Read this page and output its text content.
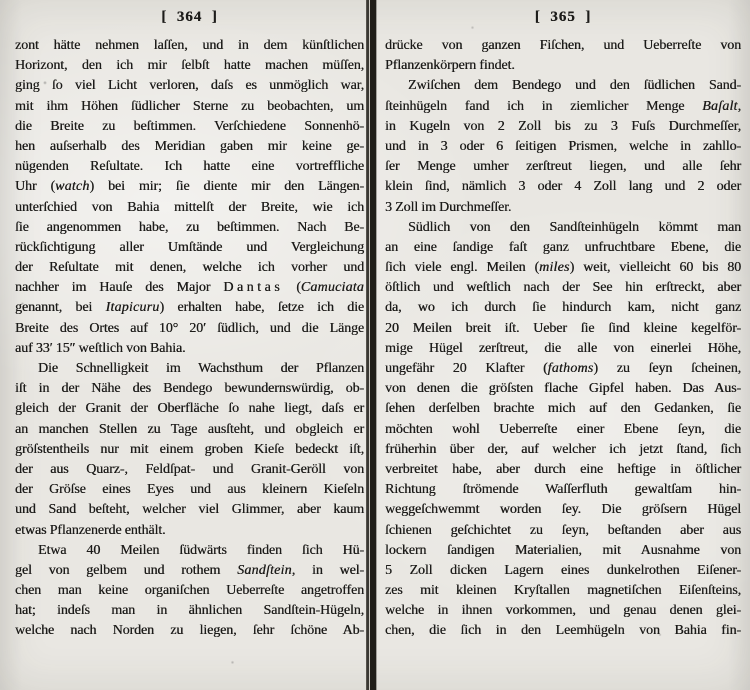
[  364  ]
zont hätte nehmen laſſen, und in dem künſtlichen
Horizont, den ich mir ſelbſt hatte machen müſſen,
ging ſo viel Licht verloren, daſs es unmöglich war,
mit ihm Höhen ſüdlicher Sterne zu beobachten, um
die Breite zu beſtimmen. Verſchiedene Sonnenhö-
hen auſserhalb des Meridian gaben mir keine ge-
nügenden Reſultate. Ich hatte eine vortreffliche
Uhr (watch) bei mir; ſie diente mir den Längen-
unterſchied von Bahia mittelſt der Breite, wie ich
ſie angenommen habe, zu beſtimmen. Nach Be-
rückſichtigung aller Umſtände und Vergleichung
der Reſultate mit denen, welche ich vorher und
nachher im Hauſe des Major Dantas (Camuciata
genannt, bei Itapicuru) erhalten habe, ſetze ich die
Breite des Ortes auf 10° 20′ ſüdlich, und die Länge
auf 33′ 15″ weſtlich von Bahia.
Die Schnelligkeit im Wachsthum der Pflanzen
iſt in der Nähe des Bendego bewundernswürdig, ob-
gleich der Granit der Oberfläche ſo nahe liegt, daſs er
an manchen Stellen zu Tage ausſteht, und obgleich er
gröſstentheils nur mit einem groben Kieſe bedeckt iſt,
der aus Quarz-, Feldſpat- und Granit-Geröll von
der Gröſse eines Eyes und aus kleinern Kieſeln
und Sand beſteht, welcher viel Glimmer, aber kaum
etwas Pflanzenerde enthält.
Etwa 40 Meilen ſüdwärts finden ſich Hü-
gel von gelbem und rothem Sandſtein, in wel-
chen man keine organiſchen Ueberreſte angetroffen
hat; indeſs man in ähnlichen Sandſtein-Hügeln,
welche nach Norden zu liegen, ſehr ſchöne Ab-
[  365  ]
drücke von ganzen Fiſchen, und Ueberreſte von
Pflanzenkörpern findet.
Zwiſchen dem Bendego und den ſüdlichen Sand-
ſteinhügeln fand ich in ziemlicher Menge Baſalt,
in Kugeln von 2 Zoll bis zu 3 Fuſs Durchmeſſer,
und in 3 oder 6 ſeitigen Prismen, welche in zahllo-
ſer Menge umher zerſtreut liegen, und alle ſehr
klein ſind, nämlich 3 oder 4 Zoll lang und 2 oder
3 Zoll im Durchmeſſer.
Südlich von den Sandſteinhügeln kömmt man
an eine ſandige faſt ganz unfruchtbare Ebene, die
ſich viele engl. Meilen (miles) weit, vielleicht 60 bis 80
öſtlich und weſtlich nach der See hin erſtreckt, aber
da, wo ich durch ſie hindurch kam, nicht ganz
20 Meilen breit iſt. Ueber ſie ſind kleine kegelför-
mige Hügel zerſtreut, die alle von einerlei Höhe,
ungefähr 20 Klafter (fathoms) zu ſeyn ſcheinen,
von denen die gröſsten flache Gipfel haben. Das Aus-
ſehen derſelben brachte mich auf den Gedanken, ſie
möchten wohl Ueberreſte einer Ebene ſeyn, die
früherhin über der, auf welcher ich jetzt ſtand, ſich
verbreitet habe, aber durch eine heftige in öſtlicher
Richtung ſtrömende Waſſerfluth gewaltſam hin-
weggeſchwemmt worden ſey. Die gröſsern Hügel
ſchienen geſchichtet zu ſeyn, beſtanden aber aus
lockern ſandigen Materialien, mit Ausnahme von
5 Zoll dicken Lagern eines dunkelrothen Eiſener-
zes mit kleinen Kryſtallen magnetiſchen Eiſenſteins,
welche in ihnen vorkommen, und genau denen glei-
chen, die ſich in den Leemhügeln von Bahia fin-
